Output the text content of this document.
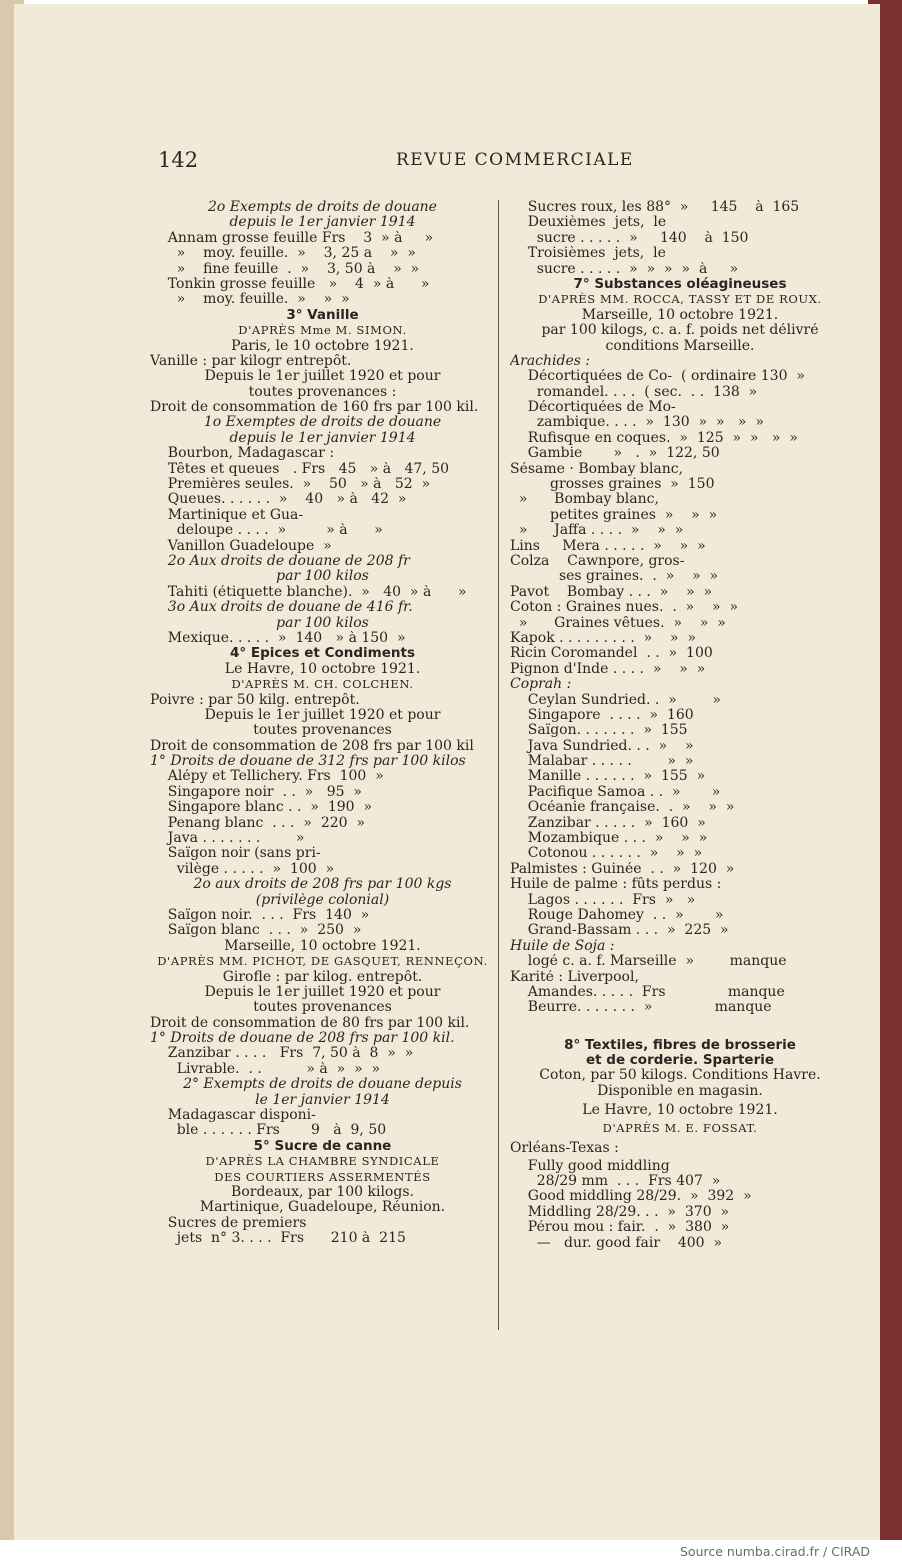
142	REVUE COMMERCIALE
2o Exempts de droits de douane
depuis le 1er janvier 1914
Annam grosse feuille Frs    3  » à     »
»    moy. feuille.  »    3, 25 a    »  »
»    fine feuille  .  »    3, 50 à    »  »
Tonkin grosse feuille   »    4  » à      »
»    moy. feuille.  »    »  »
3° Vanille
D'APRÈS Mme M. SIMON.
Paris, le 10 octobre 1921.
Vanille : par kilogr entrepôt.
Depuis le 1er juillet 1920 et pour
toutes provenances :
Droit de consommation de 160 frs par 100 kil.
1o Exemptes de droits de douane
depuis le 1er janvier 1914
Bourbon, Madagascar :
Têtes et queues   . Frs   45   » à   47, 50
Premières seules.  »    50   » à   52  »
Queues. . . . . .  »    40   » à   42  »
Martinique et Gua-
deloupe . . . .  »         » à      »
Vanillon Guadeloupe  »
2o Aux droits de douane de 208 fr
par 100 kilos
Tahiti (étiquette blanche).  »   40  » à      »
3o Aux droits de douane de 416 fr.
par 100 kilos
Mexique. . . . .  »  140   » à 150  »
4° Epices et Condiments
Le Havre, 10 octobre 1921.
D'APRÈS M. CH. COLCHEN.
Poivre : par 50 kilg. entrepôt.
Depuis le 1er juillet 1920 et pour
toutes provenances
Droit de consommation de 208 frs par 100 kil
1° Droits de douane de 312 frs par 100 kilos
Alépy et Tellichery. Frs  100  »
Singapore noir  . .  »   95  »
Singapore blanc . .  »  190  »
Penang blanc  . . .  »  220  »
Java . . . . . . .        »
Saïgon noir (sans pri-
vilège . . . . .  »  100  »
2o aux droits de 208 frs par 100 kgs
(privilège colonial)
Saïgon noir.  . . .  Frs  140  »
Saïgon blanc  . . .  »  250  »
Marseille, 10 octobre 1921.
D'APRÈS MM. PICHOT, DE GASQUET, RENNEÇON.
Girofle : par kilog. entrepôt.
Depuis le 1er juillet 1920 et pour
toutes provenances
Droit de consommation de 80 frs par 100 kil.
1° Droits de douane de 208 frs par 100 kil.
Zanzibar . . . .   Frs  7, 50 à  8  »  »
Livrable.  . .          » à  »  »  »
2° Exempts de droits de douane depuis
le 1er janvier 1914
Madagascar disponi-
ble . . . . . . Frs       9   à  9, 50
5° Sucre de canne
D'APRÈS LA CHAMBRE SYNDICALE
DES COURTIERS ASSERMENTÉS
Bordeaux, par 100 kilogs.
Martinique, Guadeloupe, Réunion.
Sucres de premiers
jets  n° 3. . . .  Frs      210 à  215
Sucres roux, les 88°  »     145    à  165
Deuxièmes  jets,  le
sucre . . . . .  »     140    à  150
Troisièmes  jets,  le
sucre . . . . .  »  »  »  »  à     »
7° Substances oléagineuses
D'APRÈS MM. ROCCA, TASSY ET DE ROUX.
Marseille, 10 octobre 1921.
par 100 kilogs, c. a. f. poids net délivré
conditions Marseille.
Arachides :
Décortiquées de Co-  ( ordinaire 130  »
romandel. . . .  ( sec.  . .  138  »
Décortiquées de Mo-
zambique. . . .  »  130  »  »   »  »
Rufisque en coques.  »  125  »  »   »  »
Gambie       »   .  »  122, 50
Sésame · Bombay blanc,
grosses graines  »  150
»      Bombay blanc,
petites graines  »    »  »
»      Jaffa . . . .  »    »  »
Lins     Mera . . . . .  »    »  »
Colza    Cawnpore, gros-
ses graines.  .  »    »  »
Pavot    Bombay . . .  »    »  »
Coton : Graines nues.  .  »    »  »
»      Graines vêtues.  »    »  »
Kapok . . . . . . . . .  »    »  »
Ricin Coromandel  . .  »  100
Pignon d'Inde . . . .  »    »  »
Coprah :
Ceylan Sundried. .  »        »
Singapore  . . . .  »  160
Saïgon. . . . . . .  »  155
Java Sundried. . .  »    »
Malabar . . . . .        »  »
Manille . . . . . .  »  155  »
Pacifique Samoa . .  »       »
Océanie française.  .  »    »  »
Zanzibar . . . . .  »  160  »
Mozambique . . .  »    »  »
Cotonou . . . . . .  »    »  »
Palmistes : Guinée  . .  »  120  »
Huile de palme : fûts perdus :
Lagos . . . . . .  Frs  »   »
Rouge Dahomey  . .  »       »
Grand-Bassam . . .  »  225  »
Huile de Soja :
logé c. a. f. Marseille  »        manque
Karité : Liverpool,
Amandes. . . . .  Frs              manque
Beurre. . . . . . .  »              manque
8° Textiles, fibres de brosserie
et de corderie. Sparterie
Coton, par 50 kilogs. Conditions Havre.
Disponible en magasin.
Le Havre, 10 octobre 1921.
D'APRÈS M. E. FOSSAT.
Orléans-Texas :
Fully good middling
28/29 mm  . . .  Frs 407  »
Good middling 28/29.  »  392  »
Middling 28/29. . .  »  370  »
Pérou mou : fair.  .  »  380  »
—   dur. good fair    400  »
Source numba.cirad.fr / CIRAD
